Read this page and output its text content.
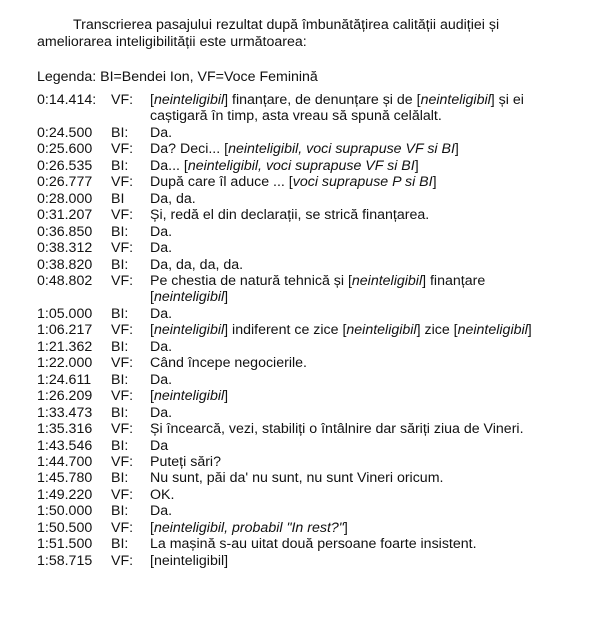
Transcrierea pasajului rezultat după îmbunătățirea calității audiției și ameliorarea inteligibilității este următoarea:
Legenda: BI=Bendei Ion, VF=Voce Feminină
0:14.414: VF: [neinteligibil] finanțare, de denunțare și de [neinteligibil] și ei caștigară în timp, asta vreau să spună celălalt.
0:24.500 BI: Da.
0:25.600 VF: Da? Deci... [neinteligibil, voci suprapuse VF si BI]
0:26.535 BI: Da... [neinteligibil, voci suprapuse VF si BI]
0:26.777 VF: După care îl aduce ... [voci suprapuse P si BI]
0:28.000 BI Da, da.
0:31.207 VF: Și, redă el din declarații, se strică finanțarea.
0:36.850 BI: Da.
0:38.312 VF: Da.
0:38.820 BI: Da, da, da, da.
0:48.802 VF: Pe chestia de natură tehnică și [neinteligibil] finanțare [neinteligibil]
1:05.000 BI: Da.
1:06.217 VF: [neinteligibil] indiferent ce zice [neinteligibil] zice [neinteligibil]
1:21.362 BI: Da.
1:22.000 VF: Când începe negocierile.
1:24.611 BI: Da.
1:26.209 VF: [neinteligibil]
1:33.473 BI: Da.
1:35.316 VF: Și încearcă, vezi, stabiliți o întâlnire dar săriți ziua de Vineri.
1:43.546 BI: Da
1:44.700 VF: Puteți sări?
1:45.780 BI: Nu sunt, păi da' nu sunt, nu sunt Vineri oricum.
1:49.220 VF: OK.
1:50.000 BI: Da.
1:50.500 VF: [neinteligibil, probabil "In rest?"]
1:51.500 BI: La mașină s-au uitat două persoane foarte insistent.
1:58.715 VF: [neinteligibil]
